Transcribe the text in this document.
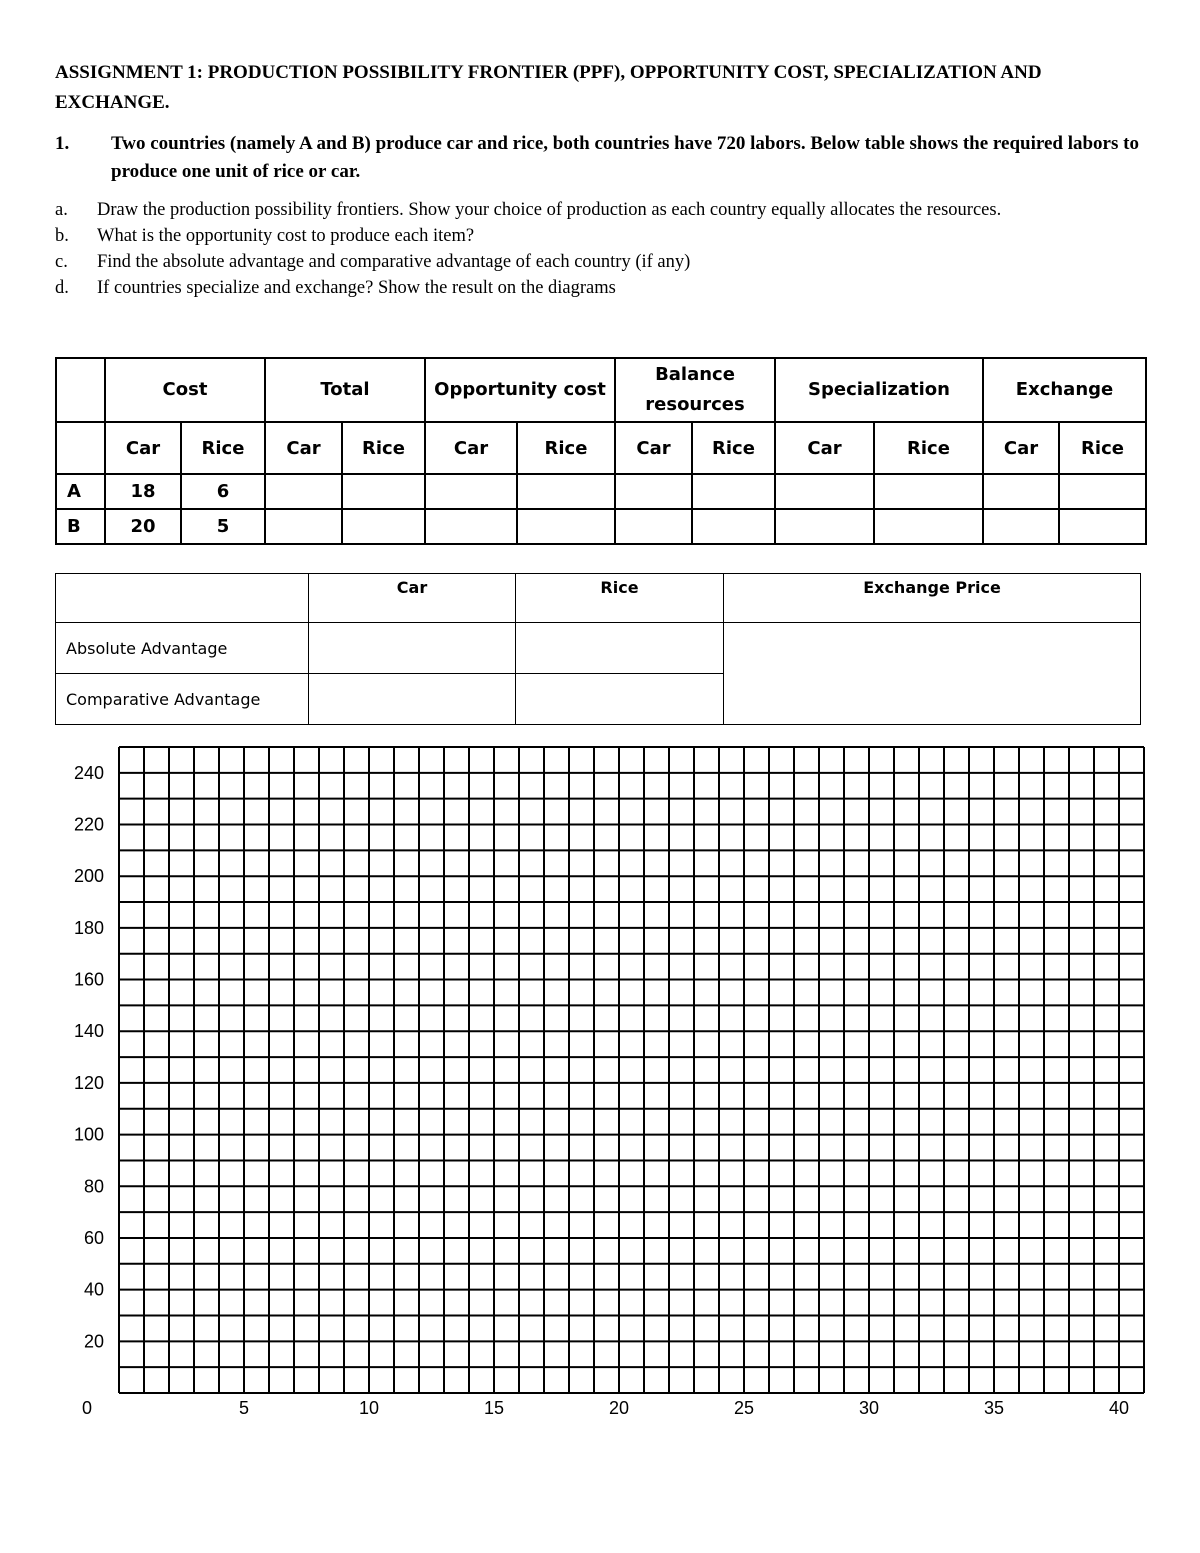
ASSIGNMENT 1: PRODUCTION POSSIBILITY FRONTIER (PPF), OPPORTUNITY COST, SPECIALIZATION AND EXCHANGE.
1. Two countries (namely A and B) produce car and rice, both countries have 720 labors. Below table shows the required labors to produce one unit of rice or car.
a. Draw the production possibility frontiers. Show your choice of production as each country equally allocates the resources.
b. What is the opportunity cost to produce each item?
c. Find the absolute advantage and comparative advantage of each country (if any)
d. If countries specialize and exchange? Show the result on the diagrams
	Cost		Total		Opportunity cost		Balance resources		Specialization		Exchange	
	Car	Rice	Car	Rice	Car	Rice	Car	Rice	Car	Rice	Car	Rice
A	18	6										
B	20	5										
	Car	Rice	Exchange Price
Absolute Advantage			
Comparative Advantage			
20
40
60
80
100
120
140
160
180
200
220
240
0	5	10	15	20	25	30	35	40
